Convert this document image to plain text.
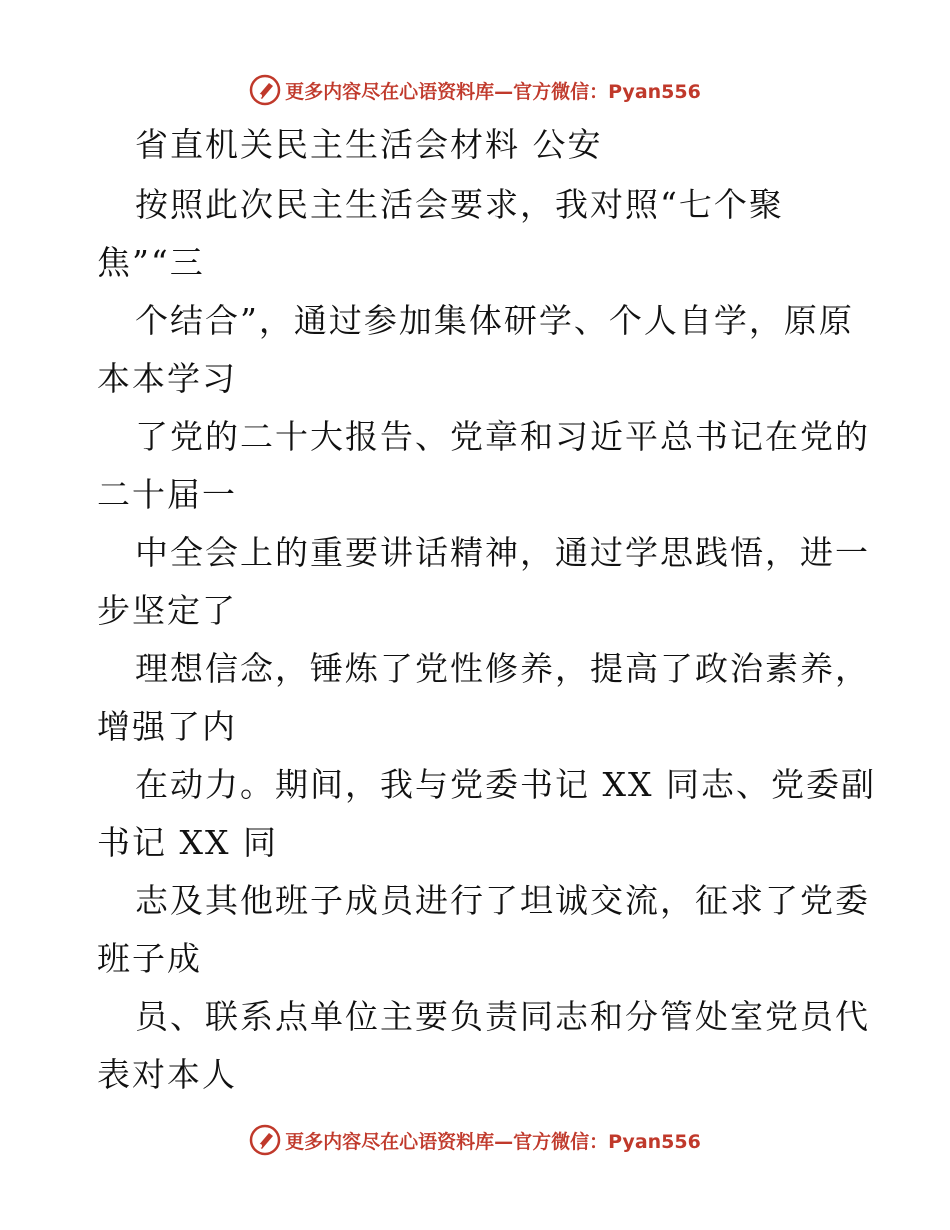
更多内容尽在心语资料库—官方微信：Pyan556
省直机关民主生活会材料 公安
按照此次民主生活会要求，我对照“七个聚
焦”“三
个结合”，通过参加集体研学、个人自学，原原
本本学习
了党的二十大报告、党章和习近平总书记在党的
二十届一
中全会上的重要讲话精神，通过学思践悟，进一
步坚定了
理想信念，锤炼了党性修养，提高了政治素养，
增强了内
在动力。期间，我与党委书记 XX 同志、党委副
书记 XX 同
志及其他班子成员进行了坦诚交流，征求了党委
班子成
员、联系点单位主要负责同志和分管处室党员代
表对本人
更多内容尽在心语资料库—官方微信：Pyan556
